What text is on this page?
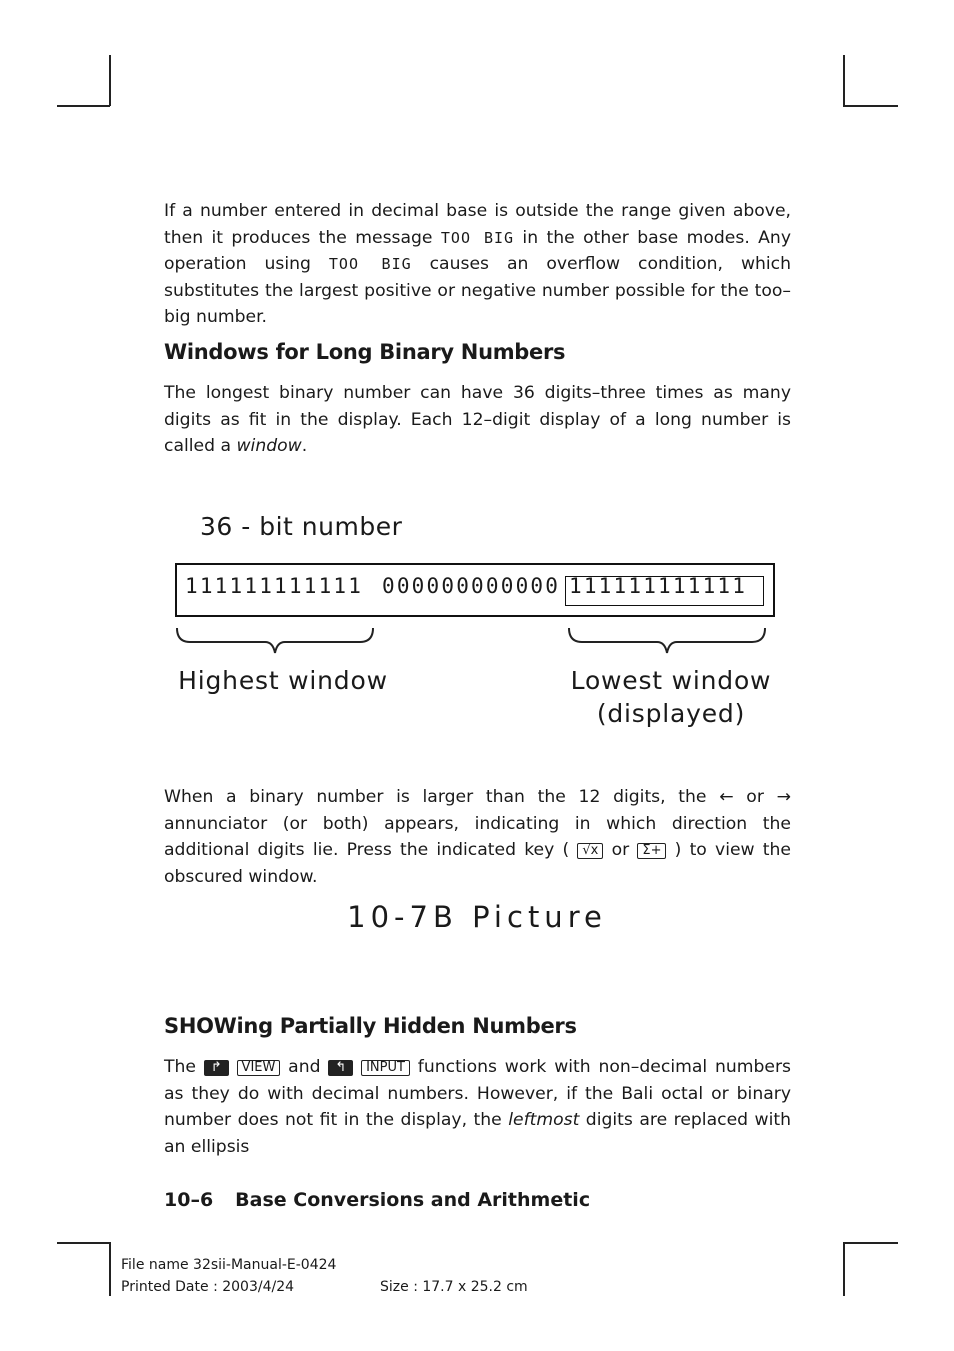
If a number entered in decimal base is outside the range given above, then it produces the message TOO BIG in the other base modes. Any operation using TOO BIG causes an overflow condition, which substitutes the largest positive or negative number possible for the too–big number.
Windows for Long Binary Numbers
The longest binary number can have 36 digits–three times as many digits as fit in the display. Each 12–digit display of a long number is called a window.
36 - bit number
111111111111 000000000000 111111111111
Highest window	Lowest window
(displayed)
When a binary number is larger than the 12 digits, the ← or → annunciator (or both) appears, indicating in which direction the additional digits lie. Press the indicated key ( √x or Σ+ ) to view the obscured window.
10-7B Picture
SHOWing Partially Hidden Numbers
The ↱ VIEW and ↰ INPUT functions work with non–decimal numbers as they do with decimal numbers. However, if the Bali octal or binary number does not fit in the display, the leftmost digits are replaced with an ellipsis
10–6 Base Conversions and Arithmetic
File name 32sii-Manual-E-0424
Printed Date : 2003/4/24	Size : 17.7 x 25.2 cm
